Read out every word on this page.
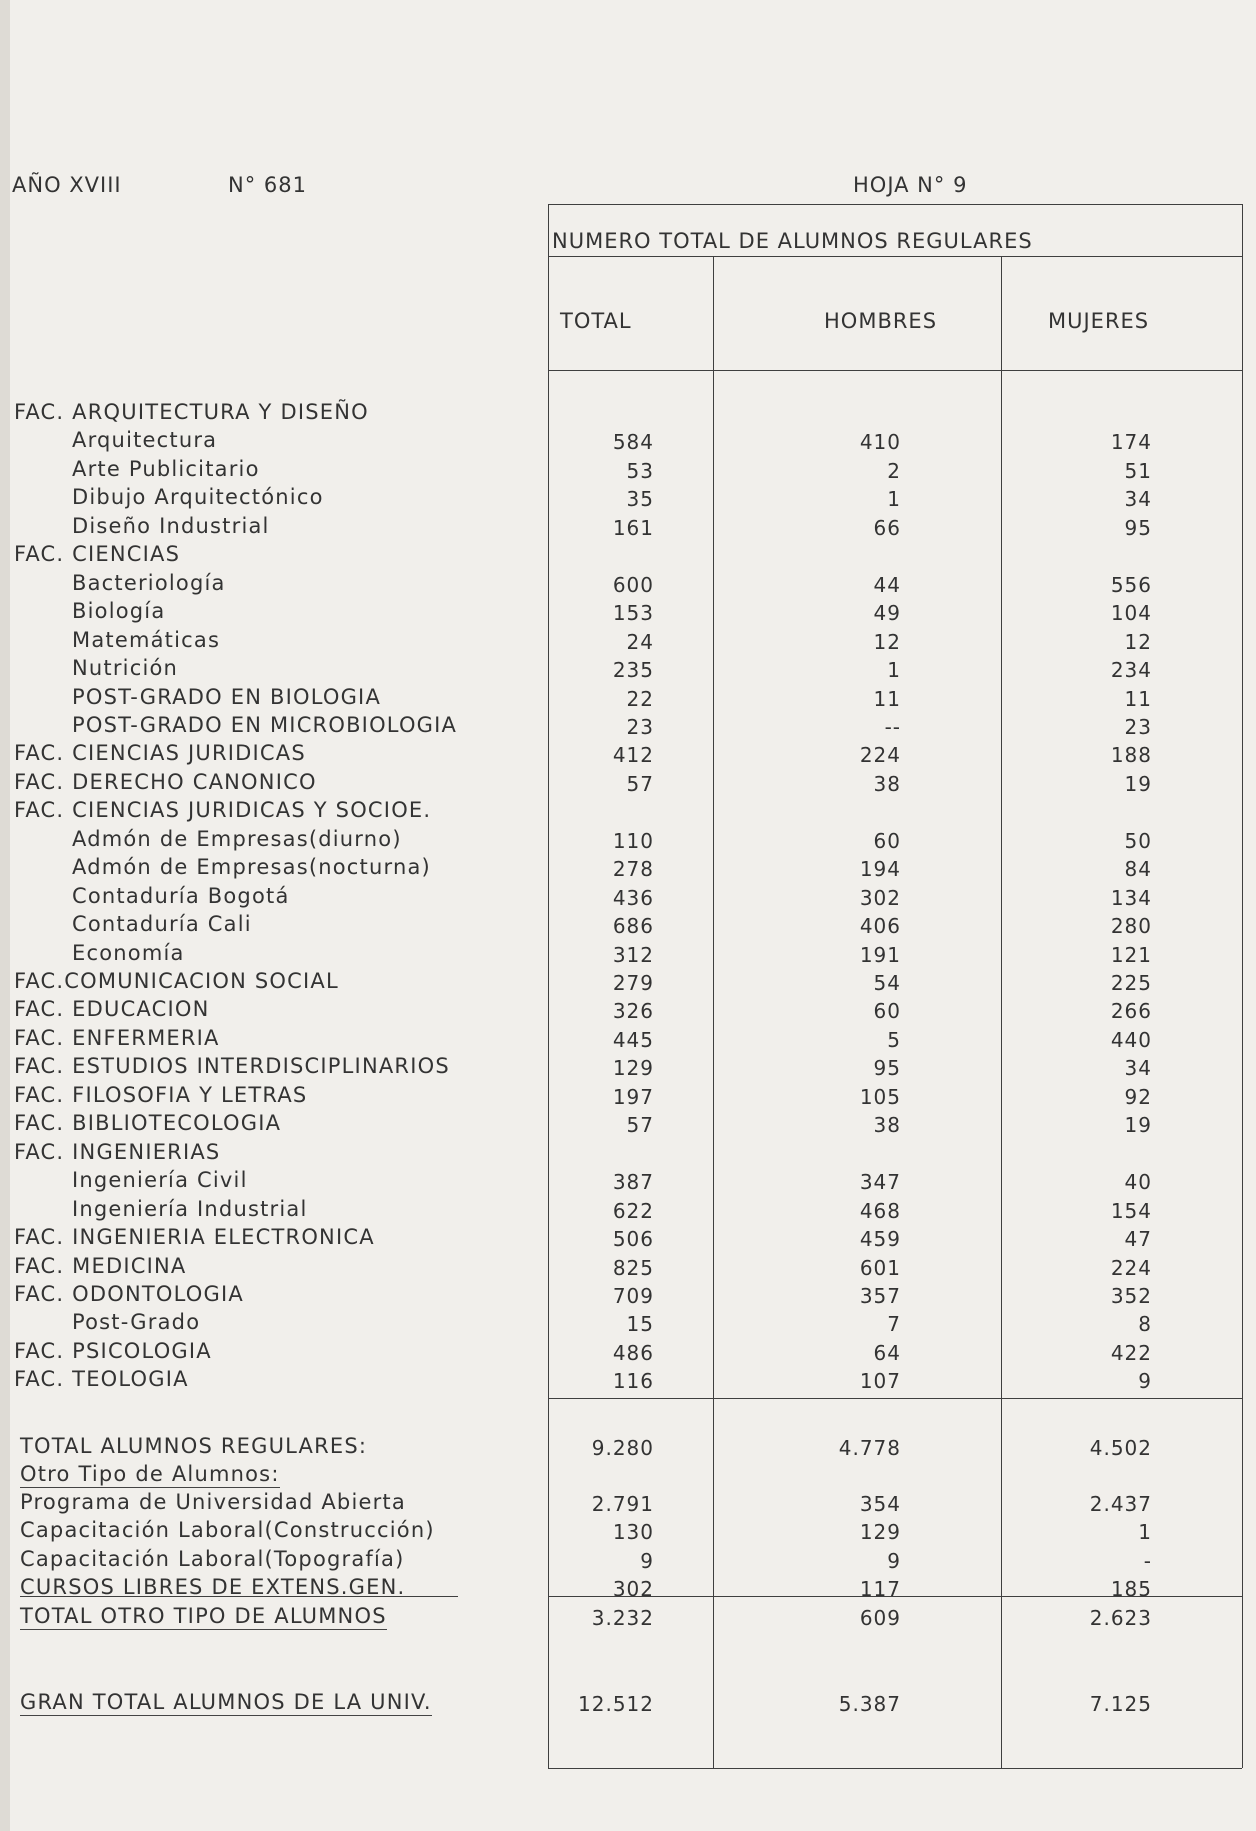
AÑO XVIII	N° 681	HOJA N° 9
NUMERO TOTAL DE ALUMNOS REGULARES
TOTAL	HOMBRES	MUJERES
FAC. ARQUITECTURA Y DISEÑO
Arquitectura	584	410	174
Arte Publicitario	53	2	51
Dibujo Arquitectónico	35	1	34
Diseño Industrial	161	66	95
FAC. CIENCIAS
Bacteriología	600	44	556
Biología	153	49	104
Matemáticas	24	12	12
Nutrición	235	1	234
POST-GRADO EN BIOLOGIA	22	11	11
POST-GRADO EN MICROBIOLOGIA	23	--	23
FAC. CIENCIAS JURIDICAS	412	224	188
FAC. DERECHO CANONICO	57	38	19
FAC. CIENCIAS JURIDICAS Y SOCIOE.
Admón de Empresas(diurno)	110	60	50
Admón de Empresas(nocturna)	278	194	84
Contaduría Bogotá	436	302	134
Contaduría Cali	686	406	280
Economía	312	191	121
FAC.COMUNICACION SOCIAL	279	54	225
FAC. EDUCACION	326	60	266
FAC. ENFERMERIA	445	5	440
FAC. ESTUDIOS INTERDISCIPLINARIOS	129	95	34
FAC. FILOSOFIA Y LETRAS	197	105	92
FAC. BIBLIOTECOLOGIA	57	38	19
FAC. INGENIERIAS
Ingeniería Civil	387	347	40
Ingeniería Industrial	622	468	154
FAC. INGENIERIA ELECTRONICA	506	459	47
FAC. MEDICINA	825	601	224
FAC. ODONTOLOGIA	709	357	352
Post-Grado	15	7	8
FAC. PSICOLOGIA	486	64	422
FAC. TEOLOGIA	116	107	9
TOTAL ALUMNOS REGULARES:	9.280	4.778	4.502
Otro Tipo de Alumnos:
Programa de Universidad Abierta	2.791	354	2.437
Capacitación Laboral(Construcción)	130	129	1
Capacitación Laboral(Topografía)	9	9	-
CURSOS LIBRES DE EXTENS.GEN.	302	117	185
TOTAL OTRO TIPO DE ALUMNOS	3.232	609	2.623
GRAN TOTAL ALUMNOS DE LA UNIV.	12.512	5.387	7.125
